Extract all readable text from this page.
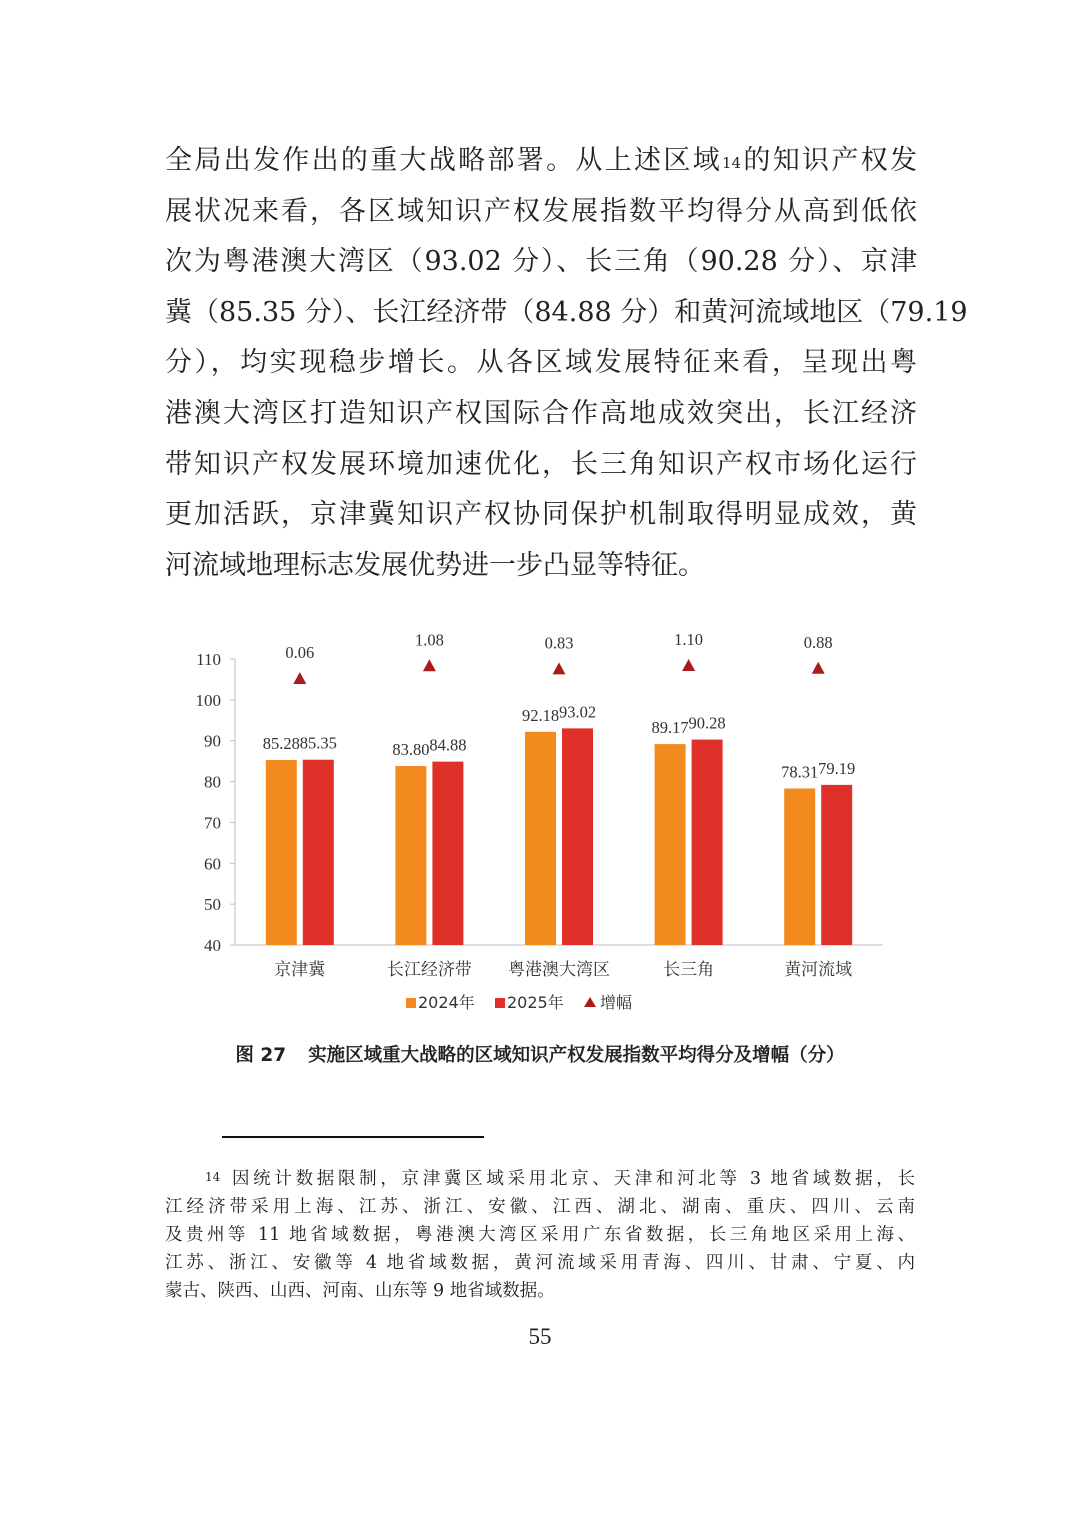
全局出发作出的重大战略部署。从上述区域$^{14}$的知识产权发
展状况来看，各区域知识产权发展指数平均得分从高到低依
次为粤港澳大湾区（93.02 分）、长三角（90.28 分）、京津
冀（85.35 分）、长江经济带（84.88 分）和黄河流域地区（79.19
分），均实现稳步增长。从各区域发展特征来看，呈现出粤
港澳大湾区打造知识产权国际合作高地成效突出，长江经济
带知识产权发展环境加速优化，长三角知识产权市场化运行
更加活跃，京津冀知识产权协同保护机制取得明显成效，黄
河流域地理标志发展优势进一步凸显等特征。
40
50
60
70
80
90
100
110
85.28 85.35
京津冀
0.06
83.80 84.88
长江经济带
1.08
92.18 93.02
粤港澳大湾区
0.83
89.17 90.28
长三角
1.10
78.31 79.19
黄河流域
0.88
2024年 2025年 增幅
图 27 实施区域重大战略的区域知识产权发展指数平均得分及增幅（分）
$^{14}$ 因统计数据限制，京津冀区域采用北京、天津和河北等 3 地省域数据，长
江经济带采用上海、江苏、浙江、安徽、江西、湖北、湖南、重庆、四川、云南
及贵州等 11 地省域数据，粤港澳大湾区采用广东省数据，长三角地区采用上海、
江苏、浙江、安徽等 4 地省域数据，黄河流域采用青海、四川、甘肃、宁夏、内
蒙古、陕西、山西、河南、山东等 9 地省域数据。
55
